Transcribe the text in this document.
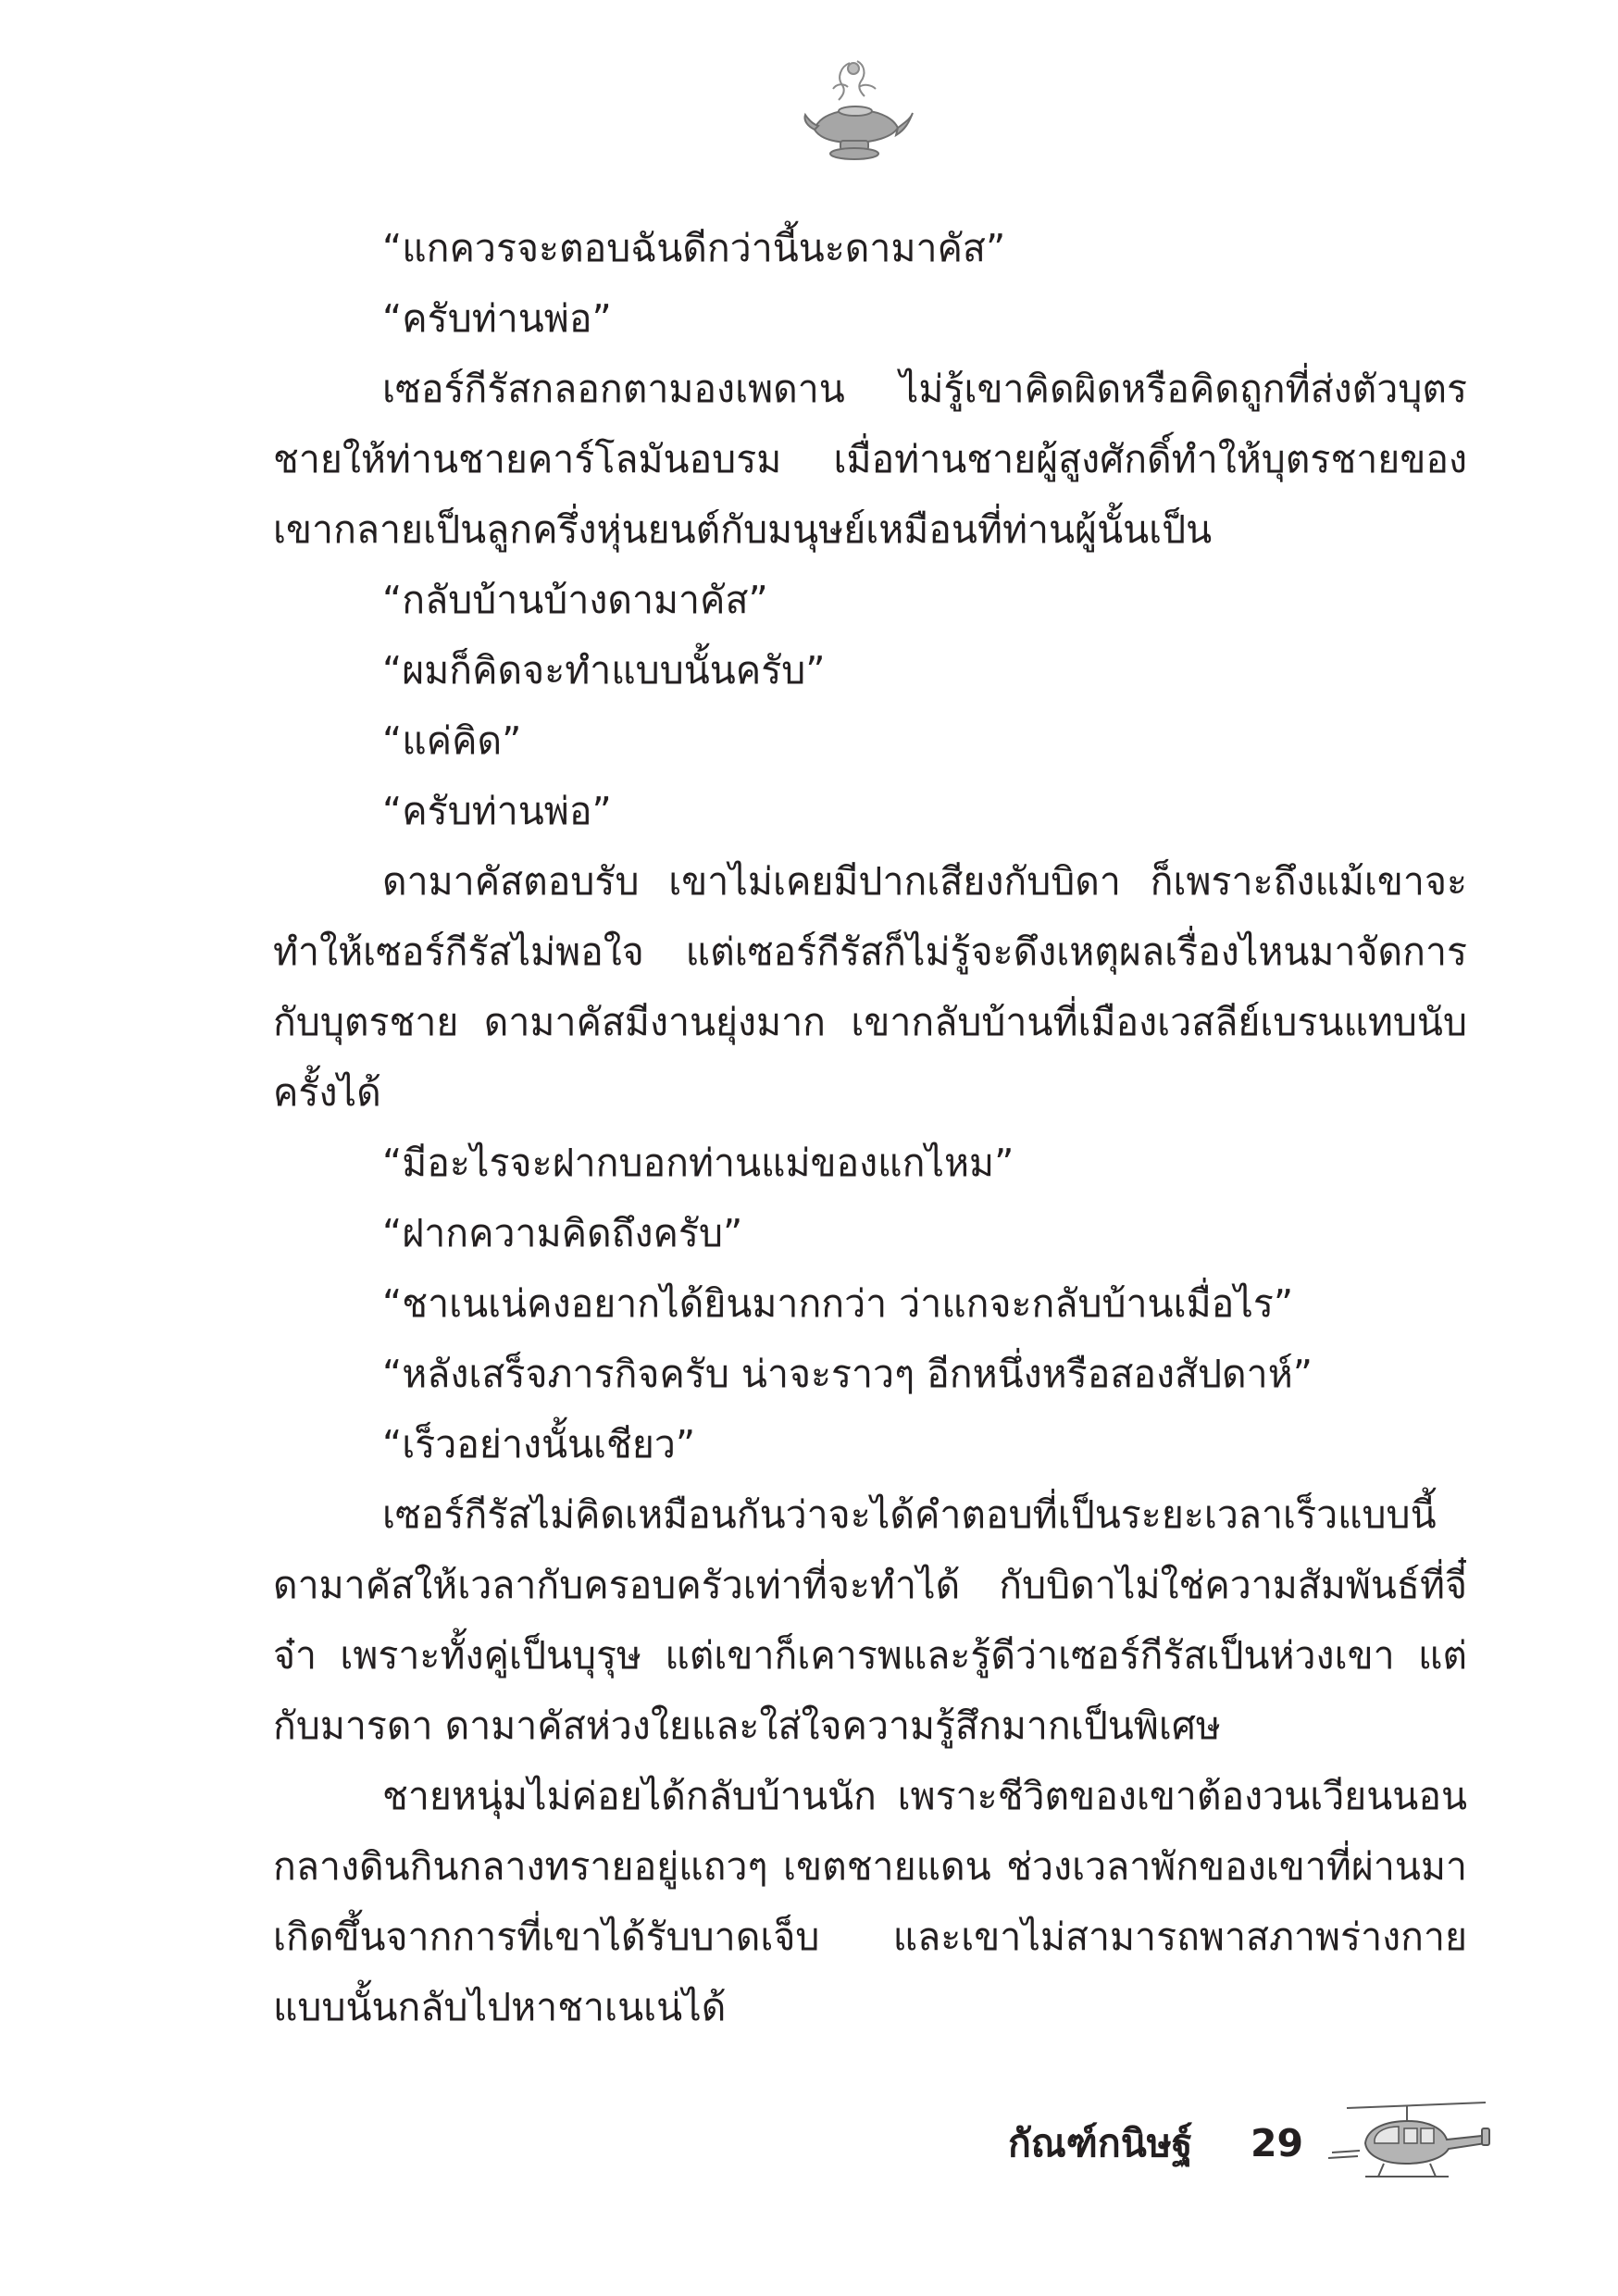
“แกควรจะตอบฉันดีกว่านี้นะดามาคัส”

“ครับท่านพ่อ”

เซอร์กีรัสกลอกตามองเพดาน ไม่รู้เขาคิดผิดหรือคิดถูกที่ส่งตัวบุตรชายให้ท่านชายคาร์โลมันอบรม เมื่อท่านชายผู้สูงศักดิ์ทำให้บุตรชายของเขากลายเป็นลูกครึ่งหุ่นยนต์กับมนุษย์เหมือนที่ท่านผู้นั้นเป็น

“กลับบ้านบ้างดามาคัส”

“ผมก็คิดจะทำแบบนั้นครับ”

“แค่คิด”

“ครับท่านพ่อ”

ดามาคัสตอบรับ เขาไม่เคยมีปากเสียงกับบิดา ก็เพราะถึงแม้เขาจะทำให้เซอร์กีรัสไม่พอใจ แต่เซอร์กีรัสก็ไม่รู้จะดึงเหตุผลเรื่องไหนมาจัดการกับบุตรชาย ดามาคัสมีงานยุ่งมาก เขากลับบ้านที่เมืองเวสลีย์เบรนแทบนับครั้งได้

“มีอะไรจะฝากบอกท่านแม่ของแกไหม”

“ฝากความคิดถึงครับ”

“ชาเนเน่คงอยากได้ยินมากกว่า ว่าแกจะกลับบ้านเมื่อไร”

“หลังเสร็จภารกิจครับ น่าจะราวๆ อีกหนึ่งหรือสองสัปดาห์”

“เร็วอย่างนั้นเชียว”

เซอร์กีรัสไม่คิดเหมือนกันว่าจะได้คำตอบที่เป็นระยะเวลาเร็วแบบนี้ ดามาคัสให้เวลากับครอบครัวเท่าที่จะทำได้ กับบิดาไม่ใช่ความสัมพันธ์ที่จี๋จ๋า เพราะทั้งคู่เป็นบุรุษ แต่เขาก็เคารพและรู้ดีว่าเซอร์กีรัสเป็นห่วงเขา แต่กับมารดา ดามาคัสห่วงใยและใส่ใจความรู้สึกมากเป็นพิเศษ

ชายหนุ่มไม่ค่อยได้กลับบ้านนัก เพราะชีวิตของเขาต้องวนเวียนนอนกลางดินกินกลางทรายอยู่แถวๆ เขตชายแดน ช่วงเวลาพักของเขาที่ผ่านมา เกิดขึ้นจากการที่เขาได้รับบาดเจ็บ และเขาไม่สามารถพาสภาพร่างกายแบบนั้นกลับไปหาชาเนเน่ได้

กัณฑ์กนิษฐ์ 29
